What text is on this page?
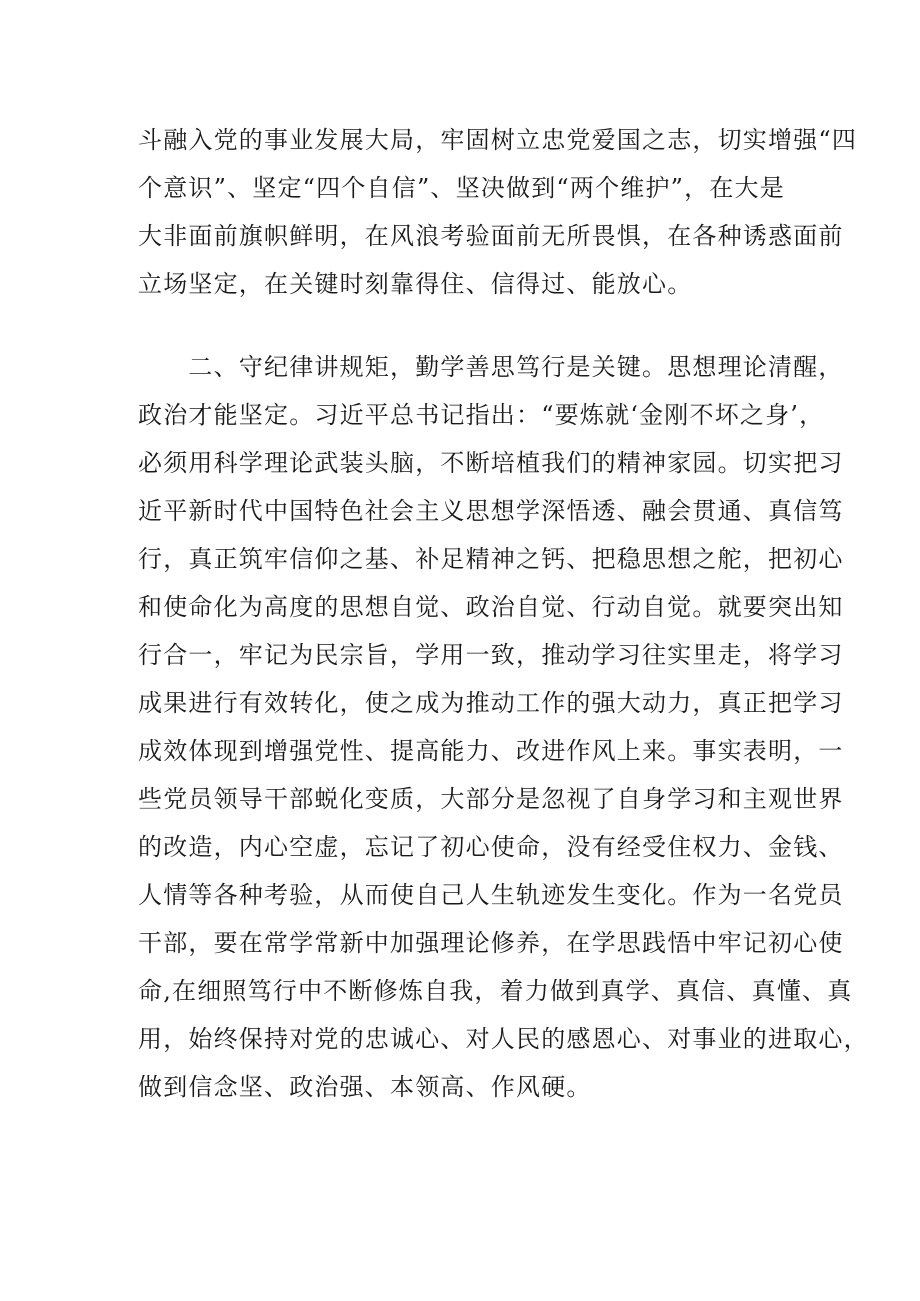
斗融入党的事业发展大局，牢固树立忠党爱国之志，切实增强“四
个意识”、坚定“四个自信”、坚决做到“两个维护”，在大是
大非面前旗帜鲜明，在风浪考验面前无所畏惧，在各种诱惑面前
立场坚定，在关键时刻靠得住、信得过、能放心。
　　二、守纪律讲规矩，勤学善思笃行是关键。思想理论清醒，
政治才能坚定。习近平总书记指出：“要炼就‘金刚不坏之身’，
必须用科学理论武装头脑，不断培植我们的精神家园。切实把习
近平新时代中国特色社会主义思想学深悟透、融会贯通、真信笃
行，真正筑牢信仰之基、补足精神之钙、把稳思想之舵，把初心
和使命化为高度的思想自觉、政治自觉、行动自觉。就要突出知
行合一，牢记为民宗旨，学用一致，推动学习往实里走，将学习
成果进行有效转化，使之成为推动工作的强大动力，真正把学习
成效体现到增强党性、提高能力、改进作风上来。事实表明，一
些党员领导干部蜕化变质，大部分是忽视了自身学习和主观世界
的改造，内心空虚，忘记了初心使命，没有经受住权力、金钱、
人情等各种考验，从而使自己人生轨迹发生变化。作为一名党员
干部，要在常学常新中加强理论修养，在学思践悟中牢记初心使
命,在细照笃行中不断修炼自我，着力做到真学、真信、真懂、真
用，始终保持对党的忠诚心、对人民的感恩心、对事业的进取心，
做到信念坚、政治强、本领高、作风硬。
